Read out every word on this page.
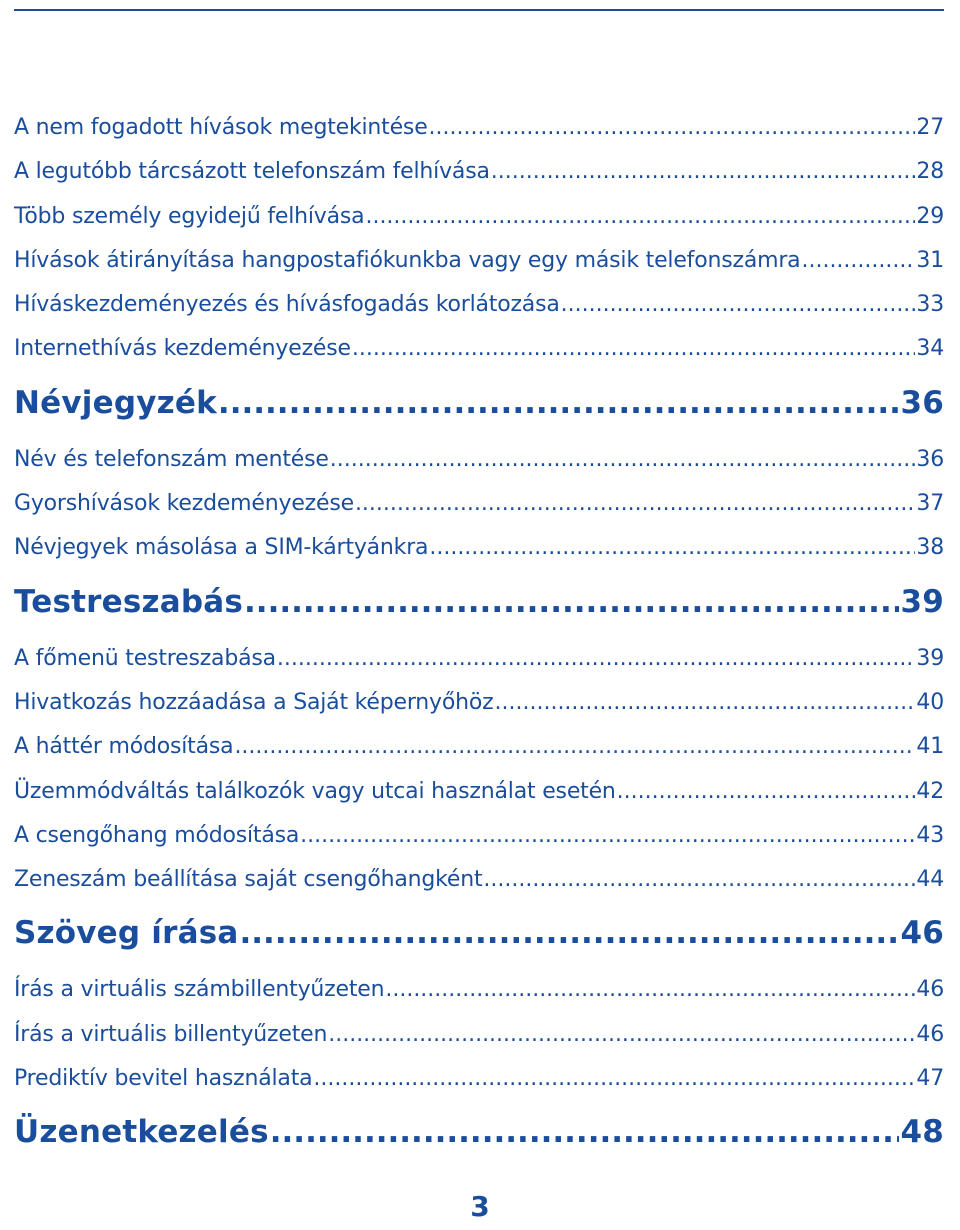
A nem fogadott hívások megtekintése .....	27
A legutóbb tárcsázott telefonszám felhívása .....	28
Több személy egyidejű felhívása .....	29
Hívások átirányítása hangpostafiókunkba vagy egy másik telefonszámra .....	31
Híváskezdeményezés és hívásfogadás korlátozása .....	33
Internethívás kezdeményezése .....	34
Névjegyzék .....	36
Név és telefonszám mentése .....	36
Gyorshívások kezdeményezése .....	37
Névjegyek másolása a SIM-kártyánkra .....	38
Testreszabás .....	39
A főmenü testreszabása .....	39
Hivatkozás hozzáadása a Saját képernyőhöz .....	40
A háttér módosítása .....	41
Üzemmódváltás találkozók vagy utcai használat esetén .....	42
A csengőhang módosítása .....	43
Zeneszám beállítása saját csengőhangként .....	44
Szöveg írása .....	46
Írás a virtuális számbillentyűzeten .....	46
Írás a virtuális billentyűzeten .....	46
Prediktív bevitel használata .....	47
Üzenetkezelés .....	48
3
